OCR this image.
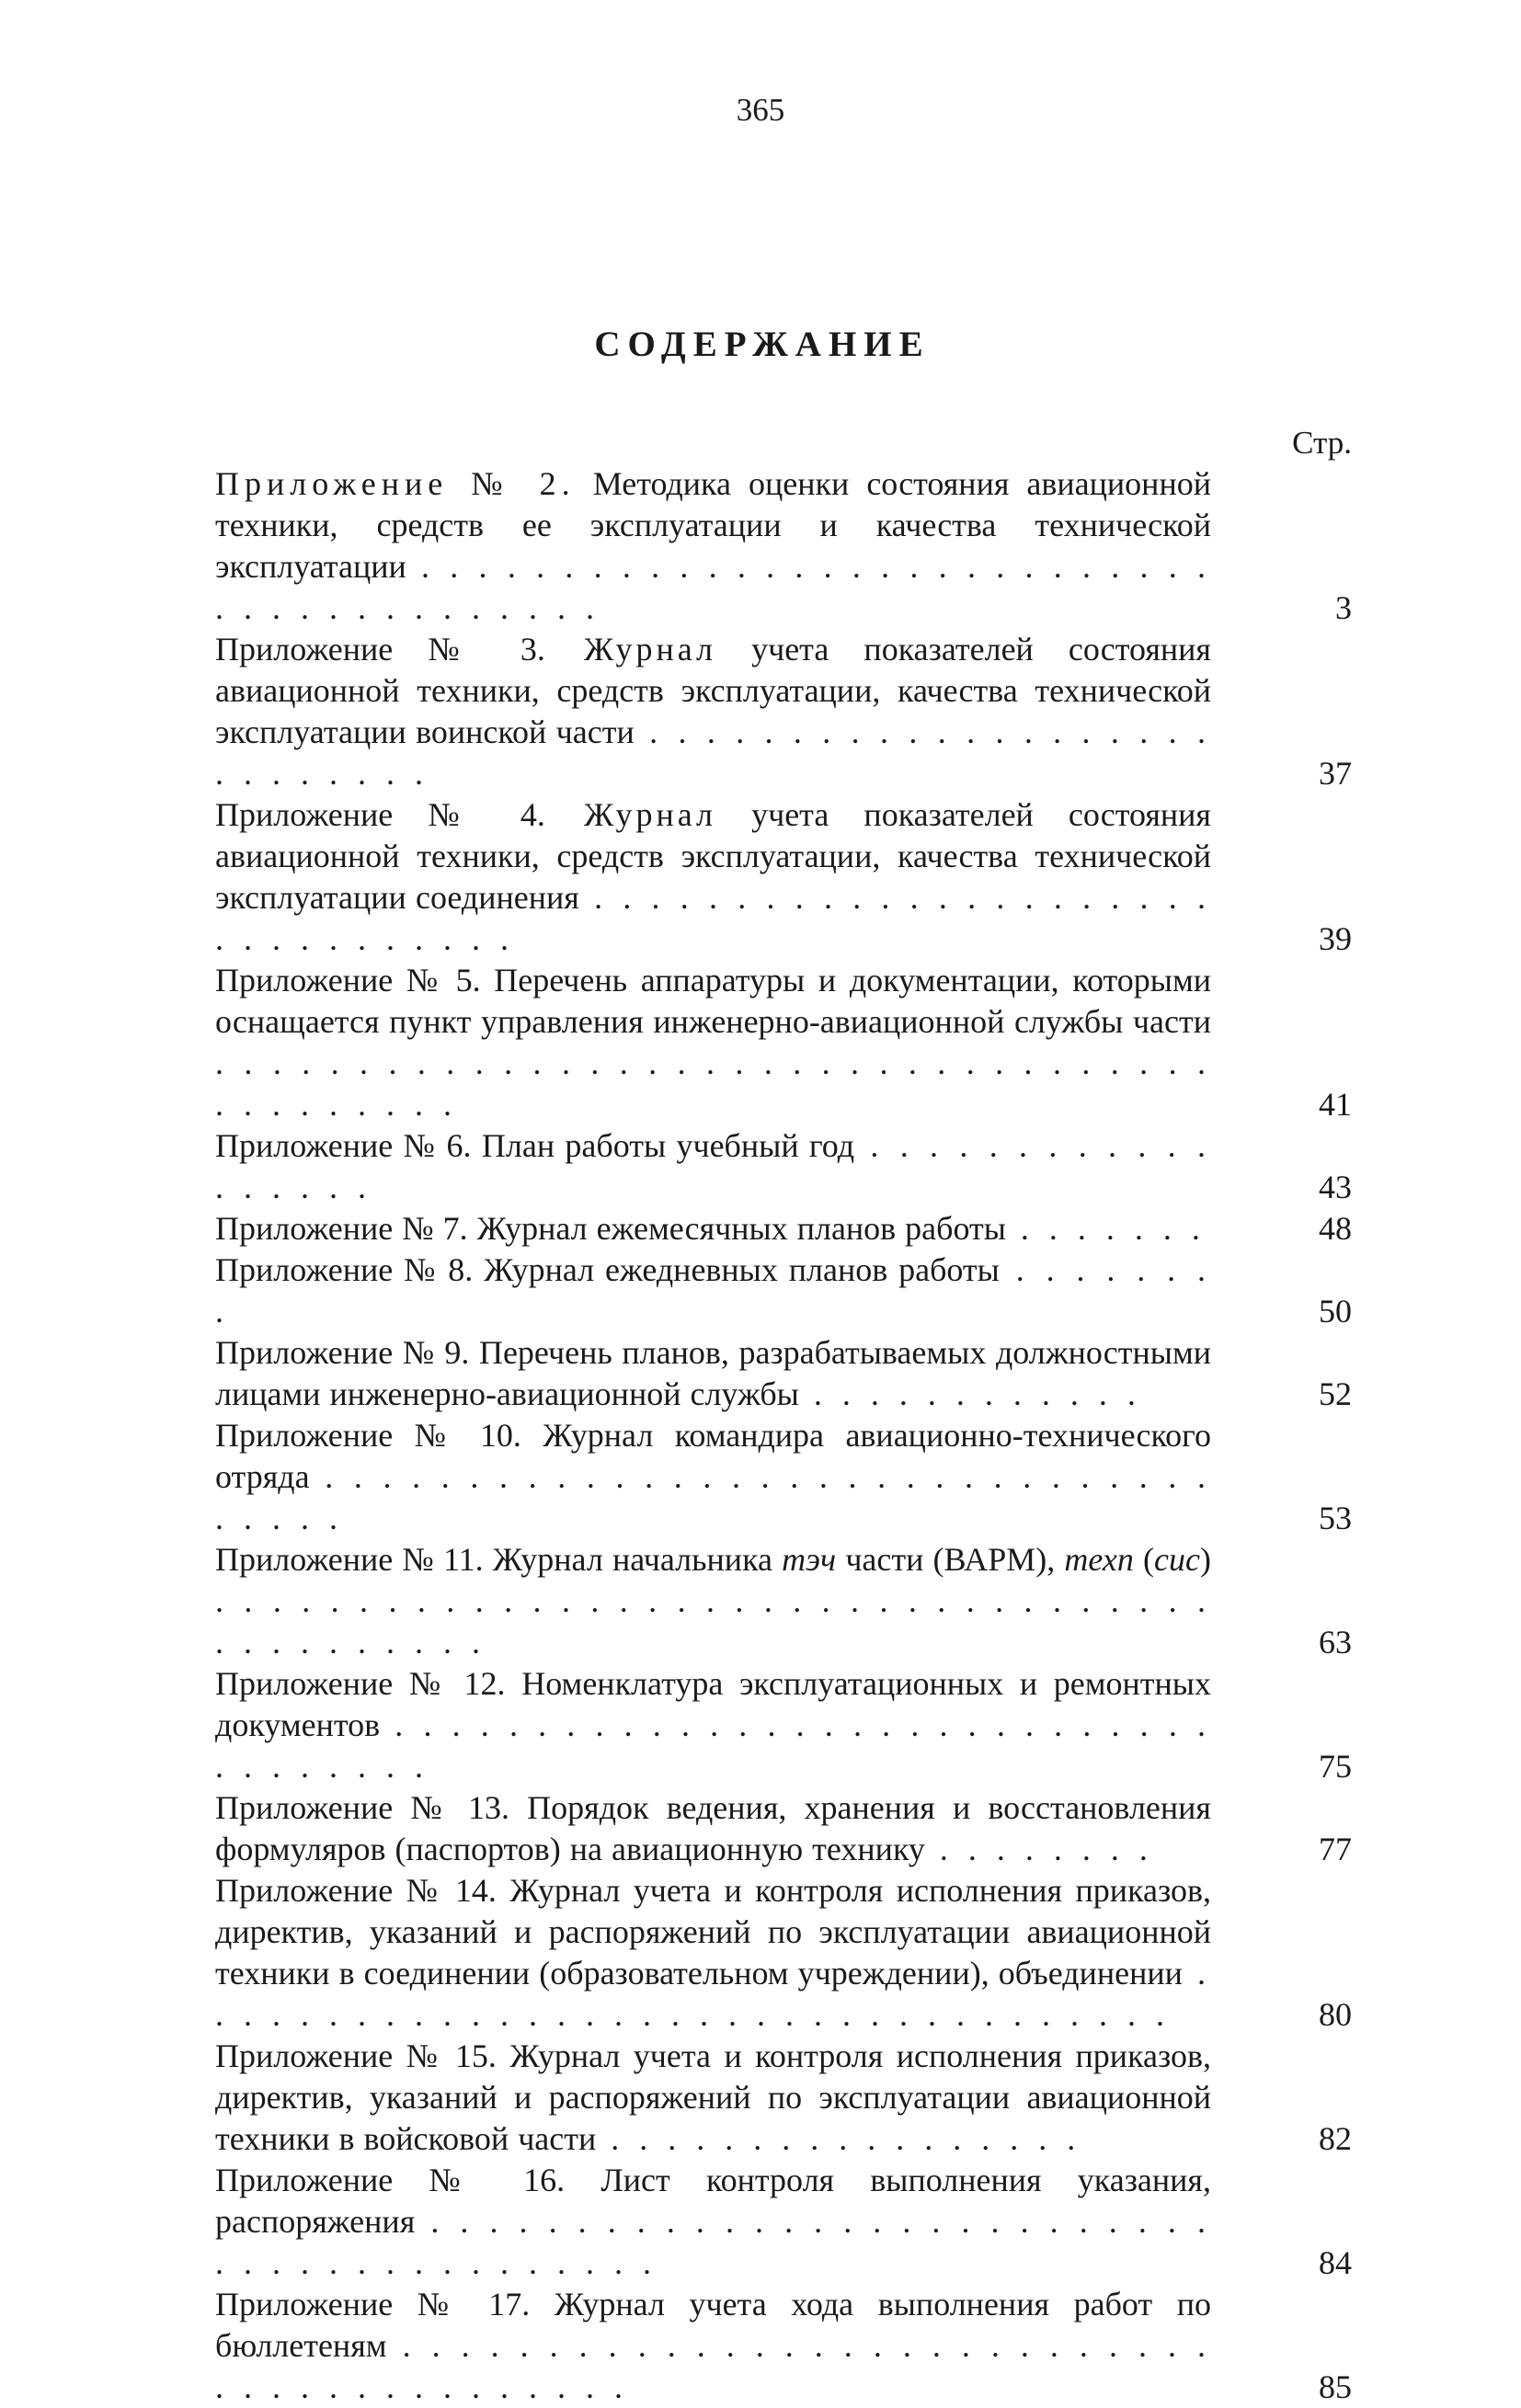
365
СОДЕРЖАНИЕ
Стр.
Приложение № 2. Методика оценки состояния авиационной техники, средств ее эксплуатации и качества технической эксплуатации . . . . . . . . . . . . . . . . . . . . . . . . . . . . . . . . . . . . . . . . . .	3
Приложение № 3. Журнал учета показателей состояния авиационной техники, средств эксплуатации, качества технической эксплуатации воинской части . . . . . . . . . . . . . . . . . . . . . . . . . . . .	37
Приложение № 4. Журнал учета показателей состояния авиационной техники, средств эксплуатации, качества технической эксплуатации соединения . . . . . . . . . . . . . . . . . . . . . . . . . . . . . . . . .	39
Приложение № 5. Перечень аппаратуры и документации, которыми оснащается пункт управления инженерно-авиационной службы части . . . . . . . . . . . . . . . . . . . . . . . . . . . . . . . . . . . . . . . . . . . .	41
Приложение № 6. План работы учебный год . . . . . . . . . . . . . . . . . .	43
Приложение № 7. Журнал ежемесячных планов работы . . . . . . .	48
Приложение № 8. Журнал ежедневных планов работы . . . . . . . .	50
Приложение № 9. Перечень планов, разрабатываемых должностными лицами инженерно-авиационной службы . . . . . . . . . . . .	52
Приложение № 10. Журнал командира авиационно-технического отряда . . . . . . . . . . . . . . . . . . . . . . . . . . . . . . . . . . . .	53
Приложение № 11. Журнал начальника тэч части (ВАРМ), техп (сис) . . . . . . . . . . . . . . . . . . . . . . . . . . . . . . . . . . . . . . . . . . . . .	63
Приложение № 12. Номенклатура эксплуатационных и ремонтных документов . . . . . . . . . . . . . . . . . . . . . . . . . . . . . . . . . . . . .	75
Приложение № 13. Порядок ведения, хранения и восстановления формуляров (паспортов) на авиационную технику . . . . . . . .	77
Приложение № 14. Журнал учета и контроля исполнения приказов, директив, указаний и распоряжений по эксплуатации авиационной техники в соединении (образовательном учреждении), объединении . . . . . . . . . . . . . . . . . . . . . . . . . . . . . . . . . . .	80
Приложение № 15. Журнал учета и контроля исполнения приказов, директив, указаний и распоряжений по эксплуатации авиационной техники в войсковой части . . . . . . . . . . . . . . . . .	82
Приложение № 16. Лист контроля выполнения указания, распоряжения . . . . . . . . . . . . . . . . . . . . . . . . . . . . . . . . . . . . . . . . . . .	84
Приложение № 17. Журнал учета хода выполнения работ по бюллетеням . . . . . . . . . . . . . . . . . . . . . . . . . . . . . . . . . . . . . . . . . . .	85
